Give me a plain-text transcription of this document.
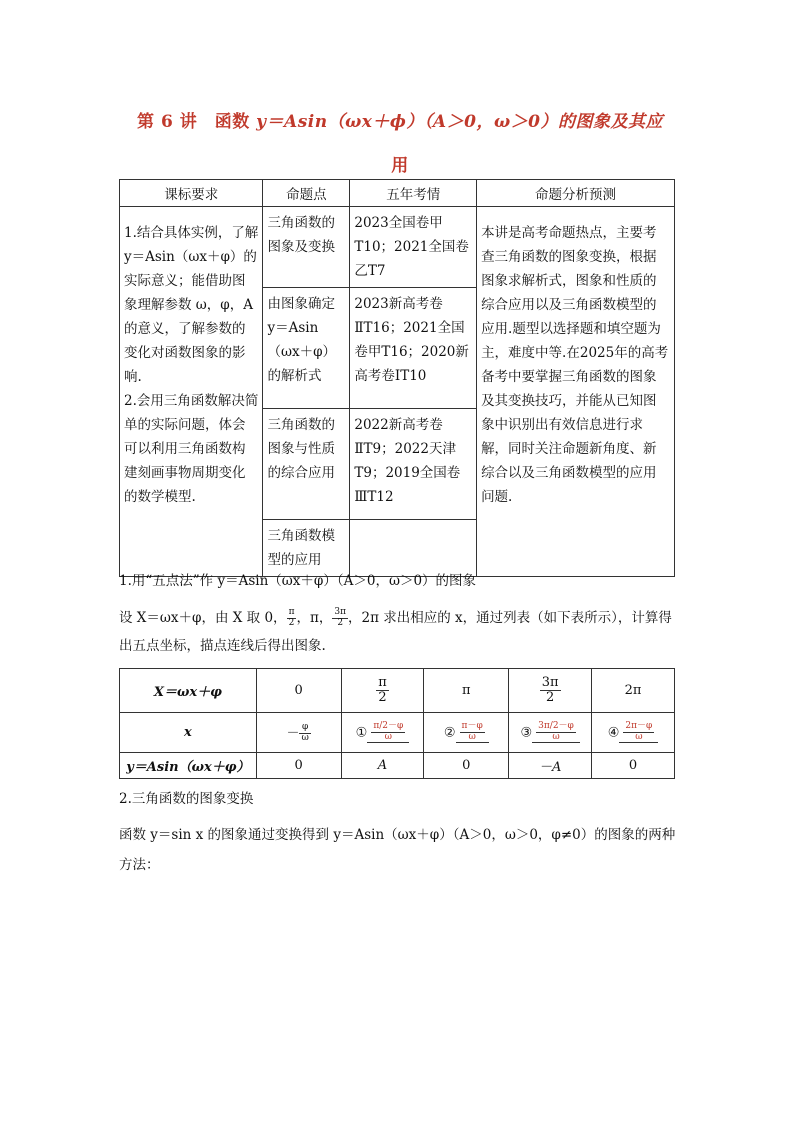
第 6 讲　函数 y＝Asin（ωx＋ϕ）（A＞0，ω＞0）的图象及其应
用
课标要求	命题点	五年考情	命题分析预测
1.结合具体实例，了解 y＝Asin（ωx＋φ）的实际意义；能借助图象理解参数 ω，φ，A 的意义，了解参数的变化对函数图象的影响.
2.会用三角函数解决简单的实际问题，体会可以利用三角函数构建刻画事物周期变化的数学模型.	三角函数的图象及变换	2023全国卷甲T10；2021全国卷乙T7	本讲是高考命题热点，主要考查三角函数的图象变换，根据图象求解析式，图象和性质的综合应用以及三角函数模型的应用.题型以选择题和填空题为主，难度中等.在2025年的高考备考中要掌握三角函数的图象及其变换技巧，并能从已知图象中识别出有效信息进行求解，同时关注命题新角度、新综合以及三角函数模型的应用问题.
	由图象确定 y＝Asin（ωx＋φ）的解析式	2023新高考卷ⅡT16；2021全国卷甲T16；2020新高考卷ⅠT10	
	三角函数的图象与性质的综合应用	2022新高考卷ⅡT9；2022天津T9；2019全国卷ⅢT12	
	三角函数模型的应用		
1.用“五点法”作 y＝Asin（ωx＋φ）（A＞0，ω＞0）的图象
设 X＝ωx＋φ，由 X 取 0， $\frac{\pi}{2}$ ，π， $\frac{3\pi}{2}$ ，2π 求出相应的 x，通过列表（如下表所示），计算得
出五点坐标，描点连线后得出图象.
X＝ωx＋φ	0	$\frac{\pi}{2}$	π	$\frac{3\pi}{2}$	2π
x	－ $\frac{\varphi}{\omega}$	① $\frac{\pi/2-\varphi}{\omega}$	② $\frac{\pi-\varphi}{\omega}$	③ $\frac{3\pi/2-\varphi}{\omega}$	④ $\frac{2\pi-\varphi}{\omega}$

y＝Asin（ωx＋φ）	0	A	0	－A	0
2.三角函数的图象变换
函数 y＝sin x 的图象通过变换得到 y＝Asin（ωx＋φ）（A＞0，ω＞0，φ≠0）的图象的两种
方法：
